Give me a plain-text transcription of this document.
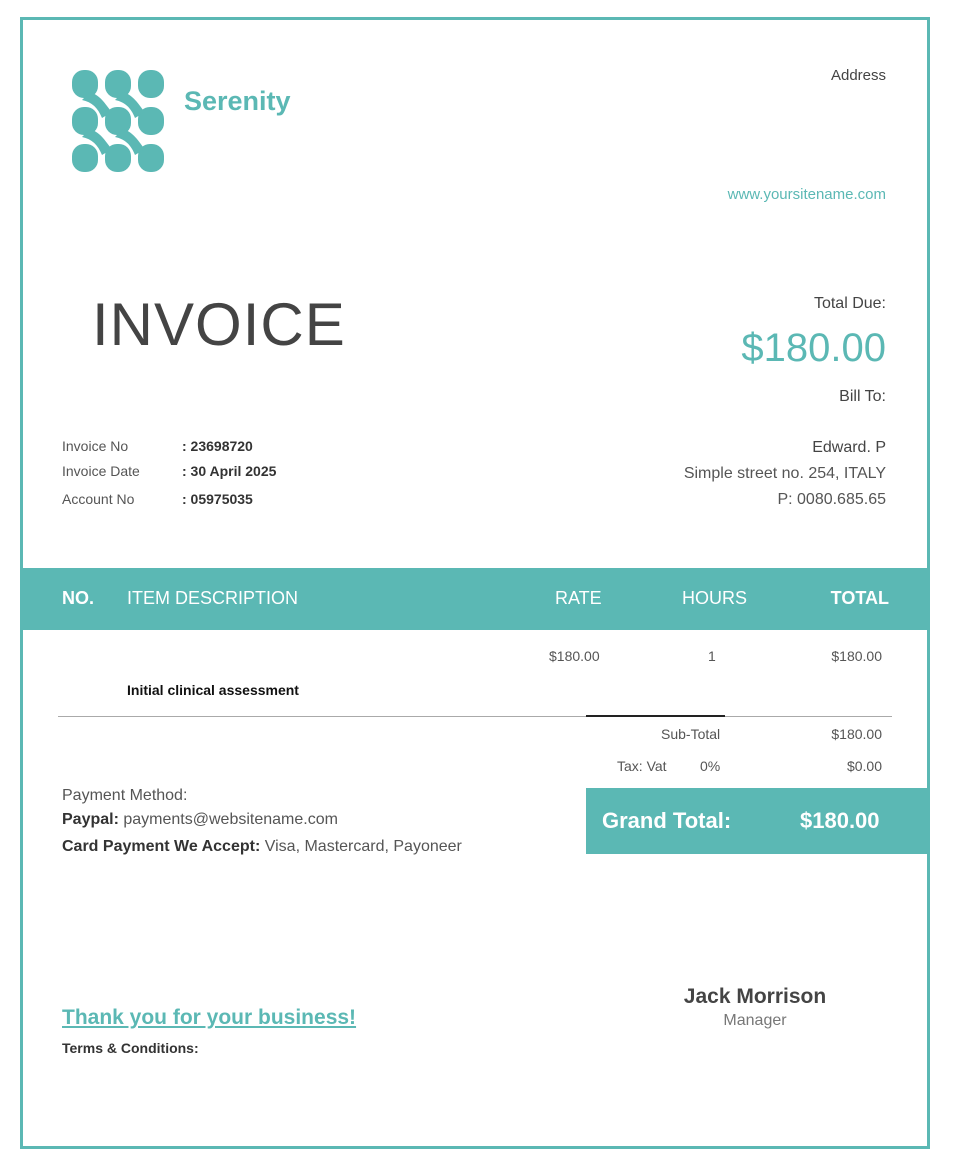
Serenity
Address
www.yoursitename.com
INVOICE	Total Due:
$180.00
Bill To:
Invoice No	: 23698720
Invoice Date	: 30 April 2025
Account No	: 05975035
Edward. P
Simple street no. 254, ITALY
P: 0080.685.65
NO. ITEM DESCRIPTION	RATE	HOURS	TOTAL
$180.00	1	$180.00
Initial clinical assessment
Sub-Total	$180.00
Tax: Vat 0%	$0.00
Grand Total:	$180.00
Payment Method:
Paypal: payments@websitename.com
Card Payment We Accept: Visa, Mastercard, Payoneer
Thank you for your business!
Terms & Conditions:
Jack Morrison
Manager
